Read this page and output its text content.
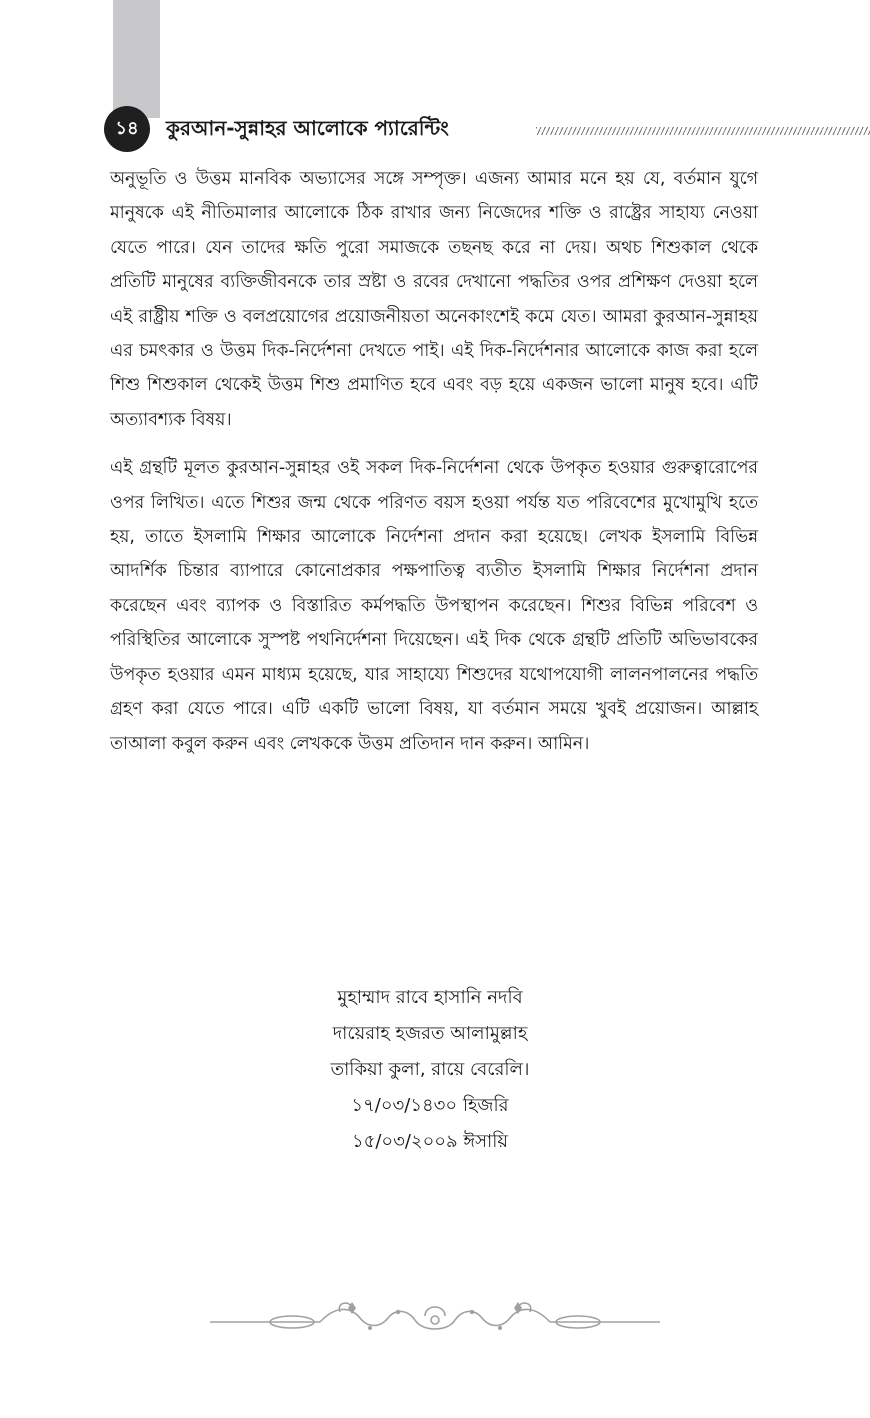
১৪	কুরআন-সুন্নাহর আলোকে প্যারেন্টিং

অনুভূতি ও উত্তম মানবিক অভ্যাসের সঙ্গে সম্পৃক্ত। এজন্য আমার মনে হয় যে, বর্তমান যুগে মানুষকে এই নীতিমালার আলোকে ঠিক রাখার জন্য নিজেদের শক্তি ও রাষ্ট্রের সাহায্য নেওয়া যেতে পারে। যেন তাদের ক্ষতি পুরো সমাজকে তছনছ করে না দেয়। অথচ শিশুকাল থেকে প্রতিটি মানুষের ব্যক্তিজীবনকে তার স্রষ্টা ও রবের দেখানো পদ্ধতির ওপর প্রশিক্ষণ দেওয়া হলে এই রাষ্ট্রীয় শক্তি ও বলপ্রয়োগের প্রয়োজনীয়তা অনেকাংশেই কমে যেত। আমরা কুরআন-সুন্নাহয় এর চমৎকার ও উত্তম দিক-নির্দেশনা দেখতে পাই। এই দিক-নির্দেশনার আলোকে কাজ করা হলে শিশু শিশুকাল থেকেই উত্তম শিশু প্রমাণিত হবে এবং বড় হয়ে একজন ভালো মানুষ হবে। এটি অত্যাবশ্যক বিষয়।

এই গ্রন্থটি মূলত কুরআন-সুন্নাহর ওই সকল দিক-নির্দেশনা থেকে উপকৃত হওয়ার গুরুত্বারোপের ওপর লিখিত। এতে শিশুর জন্ম থেকে পরিণত বয়স হওয়া পর্যন্ত যত পরিবেশের মুখোমুখি হতে হয়, তাতে ইসলামি শিক্ষার আলোকে নির্দেশনা প্রদান করা হয়েছে। লেখক ইসলামি বিভিন্ন আদর্শিক চিন্তার ব্যাপারে কোনোপ্রকার পক্ষপাতিত্ব ব্যতীত ইসলামি শিক্ষার নির্দেশনা প্রদান করেছেন এবং ব্যাপক ও বিস্তারিত কর্মপদ্ধতি উপস্থাপন করেছেন। শিশুর বিভিন্ন পরিবেশ ও পরিস্থিতির আলোকে সুস্পষ্ট পথনির্দেশনা দিয়েছেন। এই দিক থেকে গ্রন্থটি প্রতিটি অভিভাবকের উপকৃত হওয়ার এমন মাধ্যম হয়েছে, যার সাহায্যে শিশুদের যথোপযোগী লালনপালনের পদ্ধতি গ্রহণ করা যেতে পারে। এটি একটি ভালো বিষয়, যা বর্তমান সময়ে খুবই প্রয়োজন। আল্লাহ তাআলা কবুল করুন এবং লেখককে উত্তম প্রতিদান দান করুন। আমিন।

মুহাম্মাদ রাবে হাসানি নদবি
দায়েরাহ হজরত আলামুল্লাহ
তাকিয়া কুলা, রায়ে বেরেলি।
১৭/০৩/১৪৩০ হিজরি
১৫/০৩/২০০৯ ঈসায়ি
